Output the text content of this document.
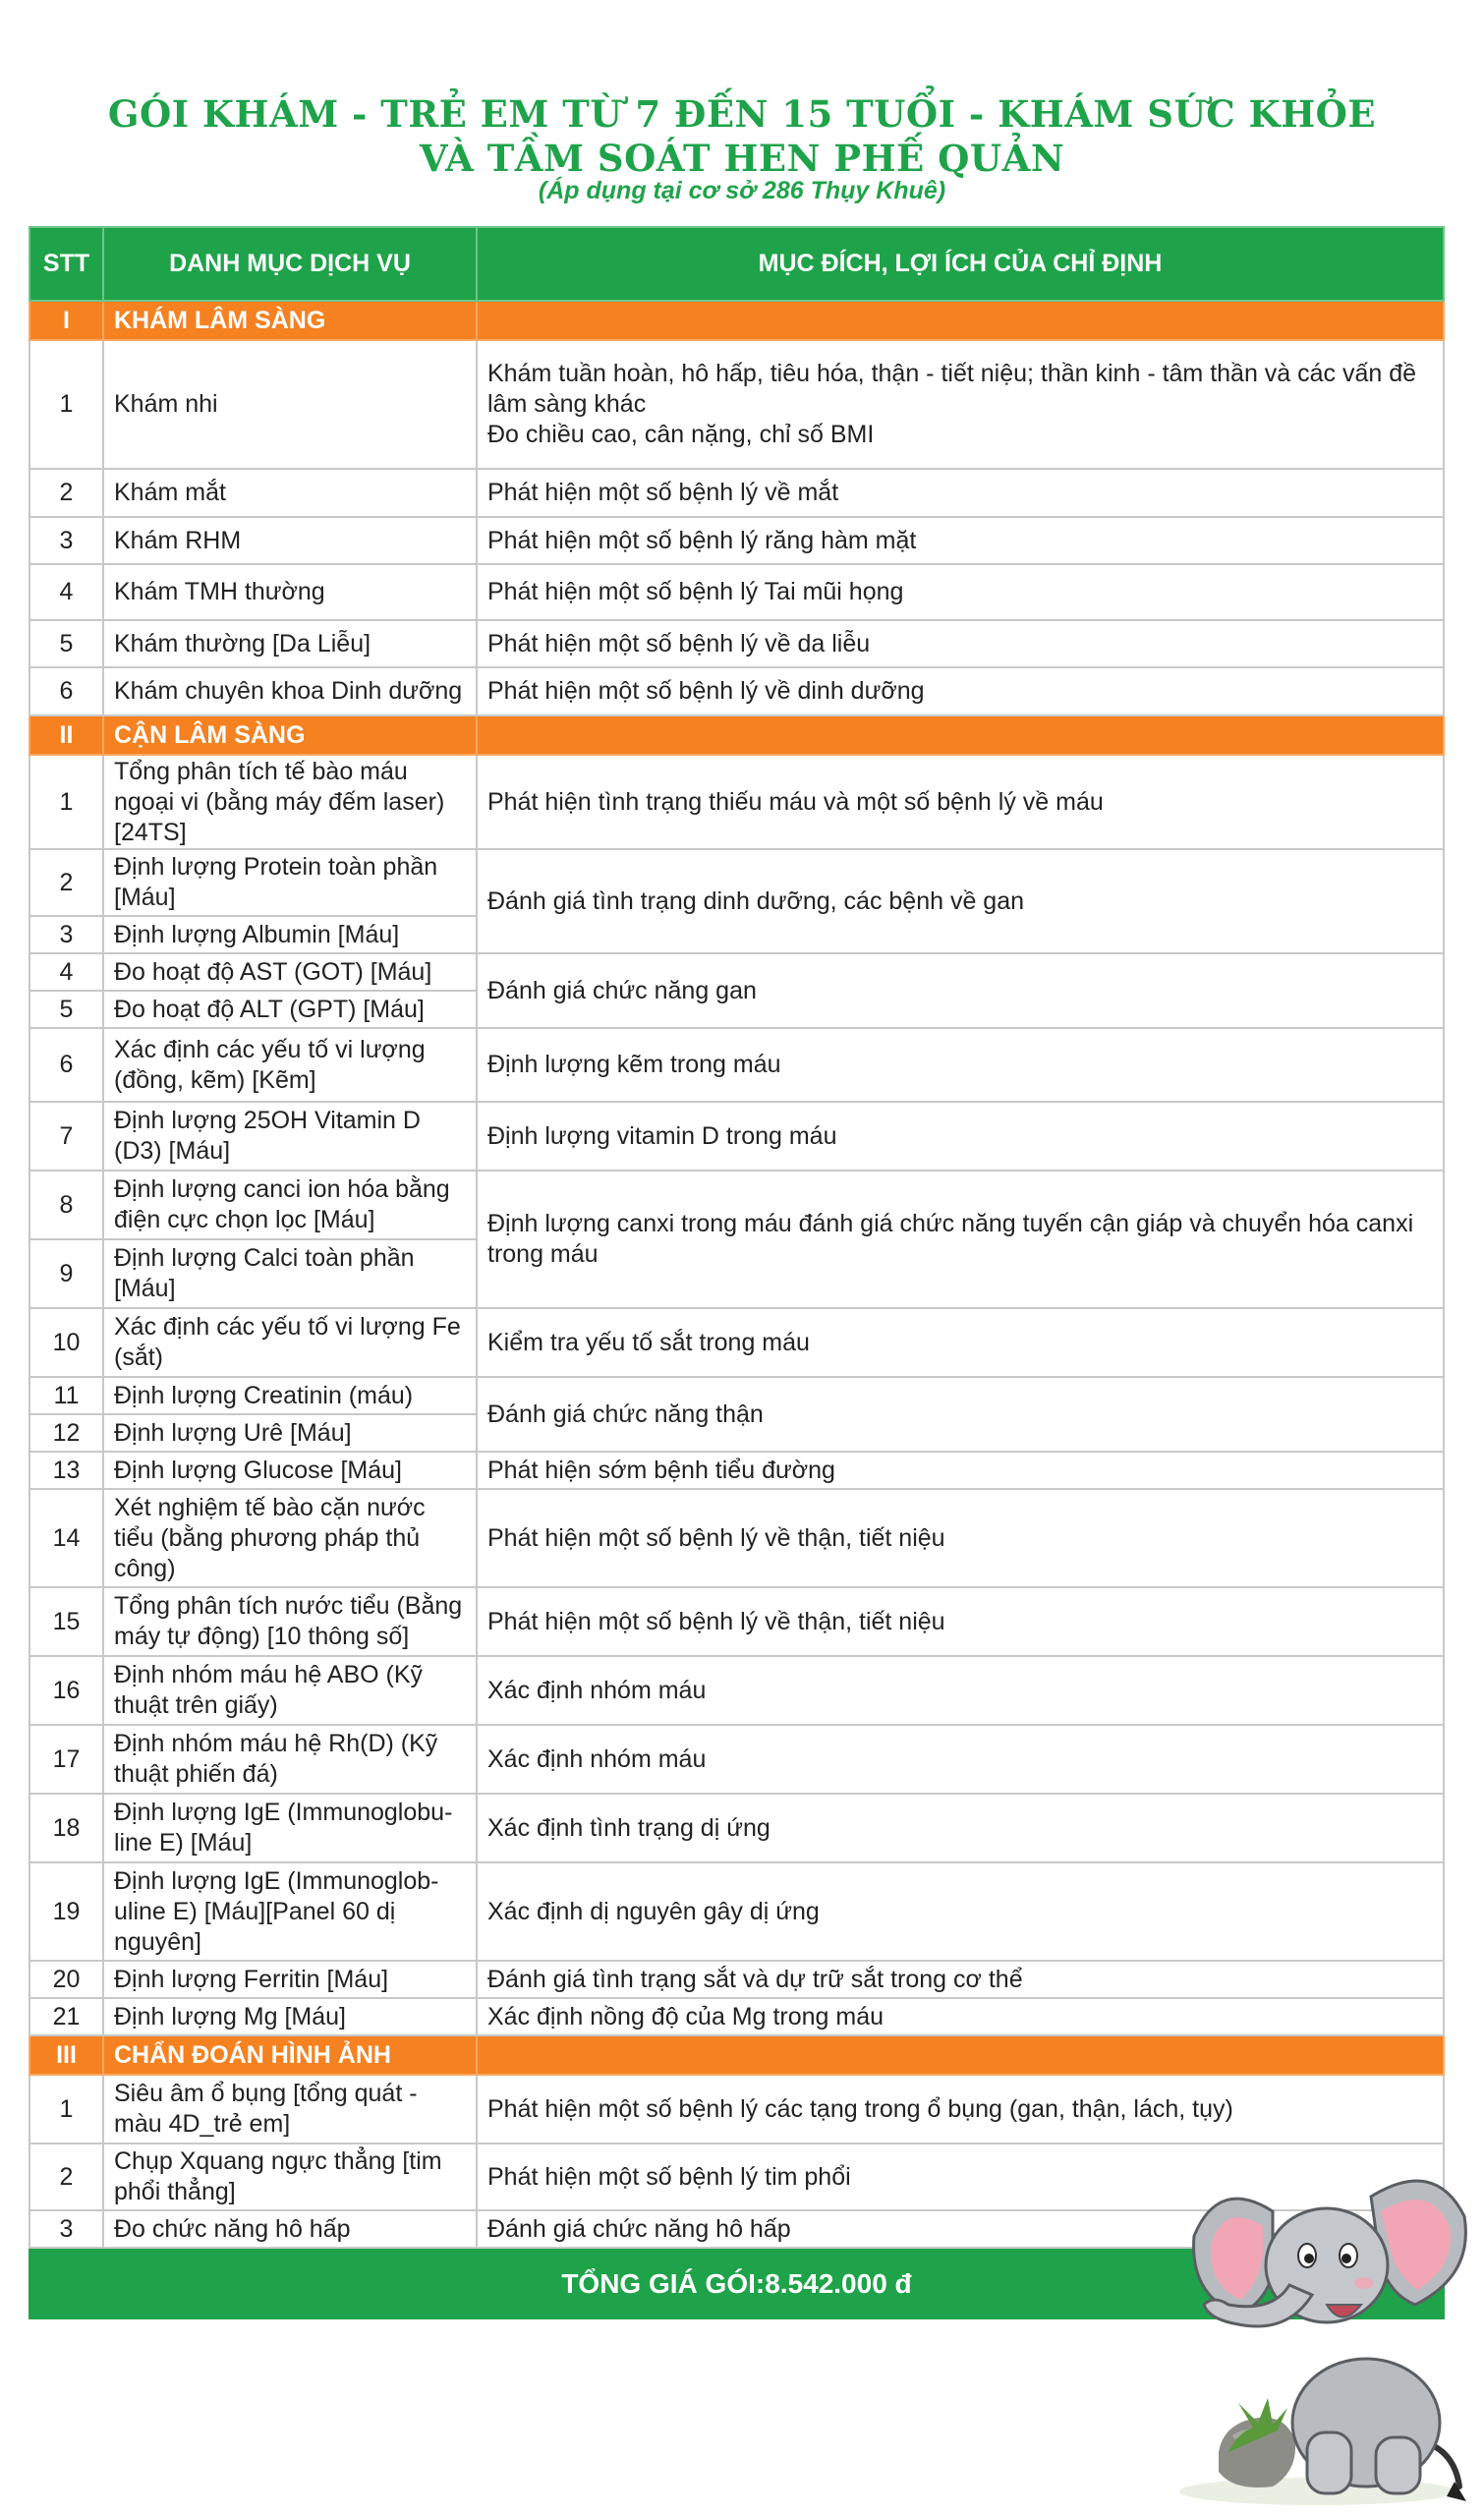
GÓI KHÁM - TRẺ EM TỪ 7 ĐẾN 15 TUỔI - KHÁM SỨC KHỎE
VÀ TẦM SOÁT HEN PHẾ QUẢN
(Áp dụng tại cơ sở 286 Thụy Khuê)
STT	DANH MỤC DỊCH VỤ	MỤC ĐÍCH, LỢI ÍCH CỦA CHỈ ĐỊNH
I	KHÁM LÂM SÀNG	
1	Khám nhi	Khám tuần hoàn, hô hấp, tiêu hóa, thận - tiết niệu; thần kinh - tâm thần và các vấn đề lâm sàng khác
Đo chiều cao, cân nặng, chỉ số BMI

2	Khám mắt	Phát hiện một số bệnh lý về mắt
3	Khám RHM	Phát hiện một số bệnh lý răng hàm mặt
4	Khám TMH thường	Phát hiện một số bệnh lý Tai mũi họng
5	Khám thường [Da Liễu]	Phát hiện một số bệnh lý về da liễu
6	Khám chuyên khoa Dinh dưỡng	Phát hiện một số bệnh lý về dinh dưỡng
II	CẬN LÂM SÀNG	
1	Tổng phân tích tế bào máu ngoại vi (bằng máy đếm laser) [24TS]	Phát hiện tình trạng thiếu máu và một số bệnh lý về máu
2	Định lượng Protein toàn phần [Máu]	Đánh giá tình trạng dinh dưỡng, các bệnh về gan
3	Định lượng Albumin [Máu]	
4	Đo hoạt độ AST (GOT) [Máu]	Đánh giá chức năng gan
5	Đo hoạt độ ALT (GPT) [Máu]	
6	Xác định các yếu tố vi lượng (đồng, kẽm) [Kẽm]	Định lượng kẽm trong máu
7	Định lượng 25OH Vitamin D (D3) [Máu]	Định lượng vitamin D trong máu
8	Định lượng canci ion hóa bằng điện cực chọn lọc [Máu]	Định lượng canxi trong máu đánh giá chức năng tuyến cận giáp và chuyển hóa canxi trong máu
9	Định lượng Calci toàn phần [Máu]	
10	Xác định các yếu tố vi lượng Fe (sắt)	Kiểm tra yếu tố sắt trong máu
11	Định lượng Creatinin (máu)	Đánh giá chức năng thận
12	Định lượng Urê [Máu]	
13	Định lượng Glucose [Máu]	Phát hiện sớm bệnh tiểu đường
14	Xét nghiệm tế bào cặn nước tiểu (bằng phương pháp thủ công)	Phát hiện một số bệnh lý về thận, tiết niệu
15	Tổng phân tích nước tiểu (Bằng máy tự động) [10 thông số]	Phát hiện một số bệnh lý về thận, tiết niệu
16	Định nhóm máu hệ ABO (Kỹ thuật trên giấy)	Xác định nhóm máu
17	Định nhóm máu hệ Rh(D) (Kỹ thuật phiến đá)	Xác định nhóm máu
18	Định lượng IgE (Immunoglobu-line E) [Máu]	Xác định tình trạng dị ứng
19	Định lượng IgE (Immunoglob-uline E) [Máu][Panel 60 dị nguyên]	Xác định dị nguyên gây dị ứng
20	Định lượng Ferritin [Máu]	Đánh giá tình trạng sắt và dự trữ sắt trong cơ thể
21	Định lượng Mg [Máu]	Xác định nồng độ của Mg trong máu
III	CHẨN ĐOÁN HÌNH ẢNH	
1	Siêu âm ổ bụng [tổng quát - màu 4D_trẻ em]	Phát hiện một số bệnh lý các tạng trong ổ bụng (gan, thận, lách, tụy)
2	Chụp Xquang ngực thẳng [tim phổi thẳng]	Phát hiện một số bệnh lý tim phổi
3	Đo chức năng hô hấp	Đánh giá chức năng hô hấp
TỔNG GIÁ GÓI:8.542.000 đ		
